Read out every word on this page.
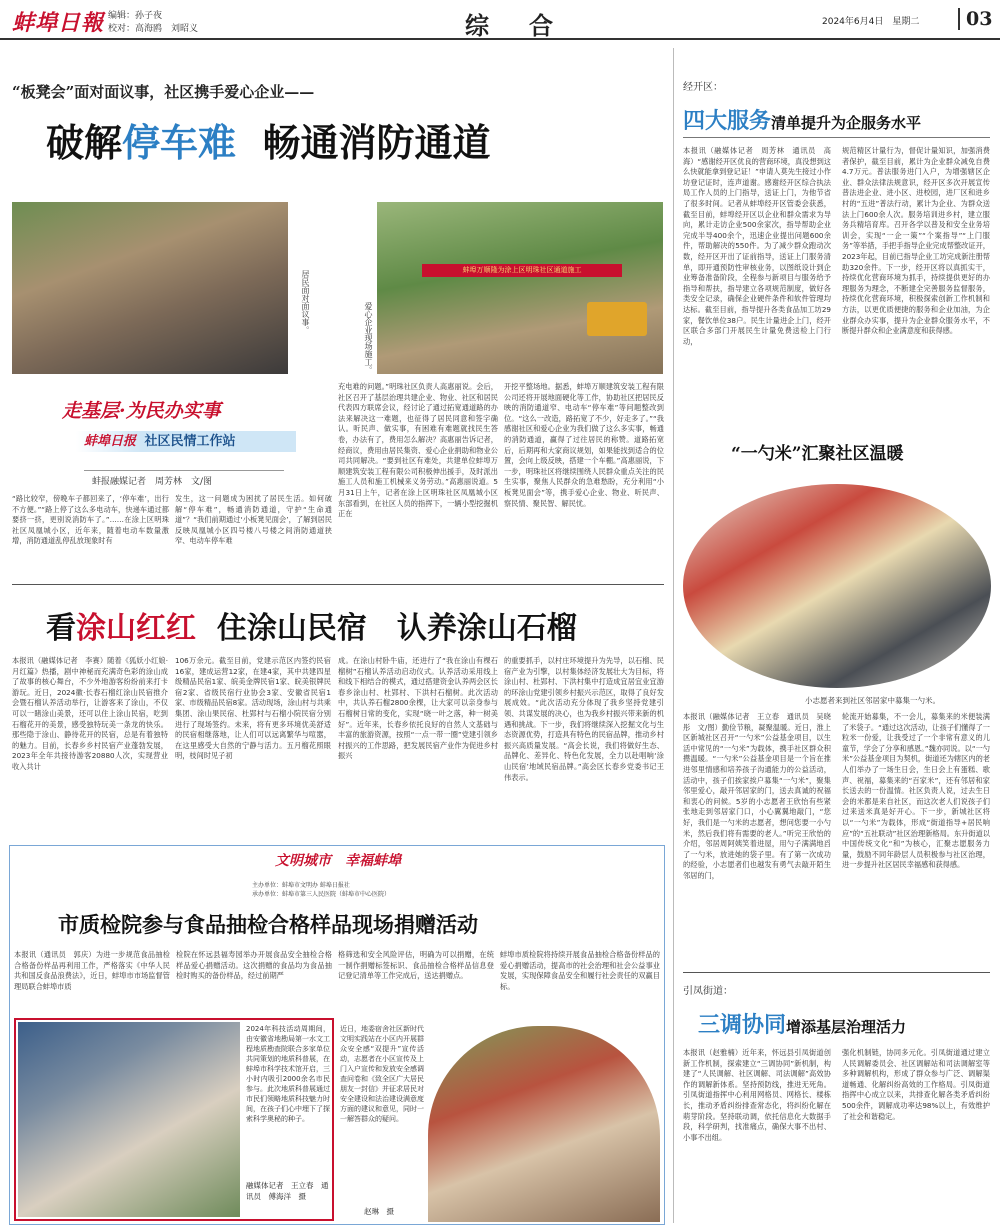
蚌埠日報 编辑：孙子夜
校对：高海鸥　刘昭义	综　合	2024年6月4日　星期二	03
“板凳会”面对面议事，社区携手爱心企业——
破解停车难 畅通消防通道
居民面对面议事。	爱心企业现场施工。
蚌埠万顺隆为涂上区明珠社区通道施工
走基层·为民办实事
蚌埠日报 社区民情工作站
蚌报融媒记者　周芳林　文/图
“路比较窄，傍晚车子都回来了，‘停车难’，出行不方便。”“路上停了这么多电动车，快递车通过都要挤一挤，更别说消防车了。”……在涂上区明珠社区凤凰城小区，近年来，随着电动车数量激增，消防通道乱停乱放现象时有
发生，这一问题成为困扰了居民生活。如何破解“停车难”，畅通消防通道，守护“生命通道”？“我们前期通过‘小板凳见面会’，了解到居民反映凤凰城小区四号楼八号楼之间消防通道狭窄、电动车停车难
充电难的问题。”明珠社区负责人高惠丽说。会后，社区召开了基层治理共建企业、物业、社区和居民代表四方联席会议，经讨论了通过拓宽通道路的办法来解决这一难题，也征得了居民同意和签字确认。听民声、做实事，有困难有难题就找民生答卷，办法有了，费用怎么解决？高惠丽告诉记者，经商议，费用由居民集资、爱心企业捐助和物业公司共同解决。“要到社区有难处，共建单位蚌埠万顺建筑安装工程有限公司积极伸出援手，及时派出施工人员和施工机械来义务劳动。”高惠丽说道。5月31日上午，记者在涂上区明珠社区凤凰城小区东部看到，在社区人员的指挥下，一辆小型挖掘机正在
开挖平整场地。据悉，蚌埠万顺建筑安装工程有限公司还将开展地面硬化等工作，协助社区把居民反映的消防通道窄、电动车“停车难”等问题整改到位。“这么一改造，路拓宽了不少，好走多了。”“我感谢社区和爱心企业为我们做了这么多实事，畅通的消防通道，赢得了过往居民的称赞。道路拓宽后，后期再和大家商议规划，如果能找到适合的位置，会向上级反映，搭建一个车棚。”高惠丽说，下一步，明珠社区将继续围绕人民群众重点关注的民生实事，聚焦人民群众的急难愁盼，充分利用“小板凳见面会”等，携手爱心企业、物业、听民声、察民情、聚民智、解民忧。
看涂山红红 住涂山民宿　认养涂山石榴
本报讯（融媒体记者　李赛）随着《狐妖小红娘·月红篇》热播，剧中神秘而充满奇色彩的涂山成了故事的核心舞台，不少外地游客纷纷前来打卡游玩。近日，2024徽·长春石榴红涂山民宿推介会暨石榴认养活动举行，让游客来了涂山，不仅可以一睹涂山美景，还可以住上涂山民宿，吃到石榴花开的美景，感受独特玩美一条龙的快乐。那些隐于涂山、静待花开的民宿，总是有着独特的魅力。目前，长春乡乡村民宿产业蓬勃发展，2023年全年共接待游客20880人次，实现营业收入共计
106万余元。截至目前，党建示范区内签约民宿16家，建成运营12家，在建4家，其中共建四星级精品民宿1家、皖美金牌民宿1家、皖美银牌民宿2家、省级民宿行业协会3家、安徽省民宿1家、市级精品民宿8家。活动现场，涂山村与共乘集团、涂山果民宿、杜郢村与石榴小院民宿分别进行了现场签约。未来，将有更多环境优美舒适的民宿相继落地，让人们可以远离繁华与喧嚣，在这里感受大自然的宁静与活力。五月榴花照眼明，枝间时见子初
成。在涂山村卧牛庙，还进行了“我在涂山有棵石榴树”石榴认养活动启动仪式。认养活动采用线上和线下相结合的模式，通过搭建资金认养两会区长春乡涂山村、杜郢村、下洪村石榴树。此次活动中，共认养石榴2800余棵，让大家可以亲身参与石榴树日常的变化，实现“晓一叶之落，种一树美好”。近年来，长春乡依托良好的自然人文基础与丰富的旅游资源，按照“一点一带一圈”党建引领乡村振兴的工作思路，把发展民宿产业作为促进乡村振兴
的重要抓手，以村庄环境提升为先导，以石榴、民宿产业为引擎，以村集体经济发展壮大为目标，将涂山村、杜郢村、下洪村集中打造成宜居宜业宜游的环涂山党建引领乡村振兴示范区，取得了良好发展成效。“此次活动充分体现了我乡坚持党建引领、共谋发展的决心，也为我乡村振兴带来新的机遇和挑战。下一步，我们将继续深入挖掘文化与生态资源优势，打造具有特色的民宿品牌，推动乡村振兴高质量发展。“高会长说，我们将做好生态、品牌化、差异化、特色化发展，全力以赴唱响‘涂山民宿’地域民宿品牌。”高会区长春乡党委书记王伟表示。
文明城市　幸福蚌埠
主办单位：蚌埠市文明办 蚌埠日报社
承办单位：蚌埠市第三人民医院（蚌埠市中心医院）
市质检院参与食品抽检合格样品现场捐赠活动
本报讯（通讯员　郭庆）为进一步规范食品抽检合格备份样品再利用工作，严格落实《中华人民共和国反食品浪费法》，近日，蚌埠市市场监督管理局联合蚌埠市质
检院在怀远县福寿园举办开展食品安全抽检合格样品爱心捐赠活动。这次捐赠的食品均为食品抽检时购买的备份样品，经过前期严
格筛选和安全风险评估，明确为可以捐赠，在统一制作捐赠标签标识、食品抽检合格样品信息登记登记清单等工作完成后，送达捐赠点。
蚌埠市质检院将持续开展食品抽检合格备份样品的爱心捐赠活动，提高市的社会治理和社会公益事业发展，实现保障食品安全和履行社会责任的双赢目标。
2024年科技活动周期间，由安徽省地勘局第一水文工程地质勘查院联合多家单位共同策划的地质科普展，在蚌埠市科学技术馆开启，三小时内吸引2000余名市民参与。此次地质科普展通过市民们领略地质科技魅力时间，在孩子们心中埋下了探索科学奥秘的种子。
融媒体记者　王立春　通讯员　傅海洋　摄
近日，地委宿舍社区新时代文明实践站在小区内开展群众安全感“双提升”宣传活动，志愿者在小区宣传及上门入户宣传和发放安全感调查问卷和《致全区广大居民朋友一封信》并征求居民对安全建设和法治建设满意度方面的建议和意见，同时一一解答群众的疑问。
赵琳　摄
经开区：
四大服务清单提升为企服务水平
本报讯（融媒体记者　周芳林　通讯员　高海）“感谢经开区优良的营商环境，真没想到这么快就能拿到登记证！”申请人莫先生接过小作坊登记证时，连声道谢。感谢经开区综合执法局工作人员的上门指导，送证上门，为他节省了很多时间。记者从蚌埠经开区管委会获悉，截至目前，蚌埠经开区以企业和群众需求为导向，累计走访企业500余家次，指导帮助企业完成半导400余个，迅速企业提出问题600余件，帮助解决的550件。为了减少群众跑动次数，经开区开出了证前指导，送证上门服务清单，即开通预防性审核业务，以图纸设计到企业筹备准备阶段，全程参与新项目与服务给予指导和帮扶，指导建立各项规范制度，做好各类安全记录，确保企业硬件条件和软件管理均达标。截至目前，指导提升各类食品加工坊29家，餐饮单位38户。民生计量进企上门，经开区联合多部门开展民生计量免费送检上门行动，
规范精区计量行为，督促计量知识，加强消费者保护，截至目前，累计为企业群众减免自费4.7万元。普法服务进门入户，为增强辖区企业、群众法律法规意识，经开区多次开展宣传普法进企业、进小区、进校园，进厂区和进乡村的“五进”普法行动，累计为企业、为群众送法上门600余人次。服务培训进乡村，建立服务兵精培育库。召开各学以普及和安全业务培训会，实现“一企一策”“个案指导”“上门服务”等举措，手把手指导企业完成帮整改证开，2023年起，目前已指导企业工坊完成新注册帮助320余件。下一步，经开区将以真抓实干，持续优化营商环境为抓手，持续提供更好的办理服务为理念，不断建全完善服务监督服务，持续优化营商环境，积极探索创新工作机制和方法，以更优质便捷的服务和企业加油，为企业群众办实事，提升为企业群众服务水平，不断提升群众和企业满意度和获得感。
“一勺米”汇聚社区温暖
小志愿者来到社区邻居家中募集一勺米。
本报讯（融媒体记者　王立春　通讯员　吴晓彤　文/图）勤俭节粮，凝聚温暖。近日，淮上区新城社区召开“一勺米”公益基金项目，以生活中常见的“一勺米”为载体，携手社区群众积攒温暖。“一勺米”公益基金项目是一个旨在推进邻里情感和培养孩子沟通能力的公益活动，活动中，孩子们挨家挨户募集“一勺米”，聚集邻里爱心，敲开邻居家的门，送去真诚的祝福和衷心的问候。5岁的小志愿者王欣怡有些紧张地走到邻居家门口，小心翼翼地敲门，“您好，我们是一勺米的志愿者，想问您要一小勺米，然后我们将有需要的老人。”听完王欣怡的介绍，邻居周阿姨笑着进屋，用勺子满满地舀了一勺米，放进她的袋子里。有了第一次成功的经验，小志愿者们也越发有勇气去敲开陌生邻居的门，
轮流开始募集，不一会儿，募集来的米便装满了米袋子。“通过这次活动，让孩子们懂得了一粒米一份爱，让我受过了一个非常有意义的儿童节，学会了分享和感恩。”魏亦同说。以“一勺米”公益基金项目为契机，街道还为辖区内的老人们举办了一场生日会，生日会上有蛋糕、歌声、祝福，募集来的“百家米”，还有邻居和家长送去的一份温情。社区负责人说，过去生日会的米都是来自社区，而这次老人们说孩子们过来送米真是好开心。下一步，新城社区将以“一勺米”为载体，形成“街道指导+居民响应”的“五社联动”社区治理新格局。东升街道以中国传统文化“和”为核心，汇聚志愿服务力量，鼓励不同年龄层人员积极参与社区治理，进一步提升社区居民幸福感和获得感。
引凤街道：
三调协同增添基层治理活力
本报讯（赵雅楠）近年来，怀远县引凤街道创新工作机制，探索建立“三调协同”新机制，构建了“人民调解、社区调解、司法调解”高效协作的调解新体系。坚持预防线，推进无死角。引凤街道指挥中心利用网格员、网格长、楼栋长，推动矛盾纠纷排查常态化，将纠纷化解在萌芽阶段。坚持联动调，依托信息化大数据手段，科学研判，找准痛点，确保大事不出村、小事不出组。
强化机制链，协同多元化。引凤街道通过建立人民调解委员会、社区调解站和司法调解室等多种调解机构，形成了群众参与广泛、调解渠道畅通、化解纠纷高效的工作格局。引凤街道指挥中心成立以来，共排查化解各类矛盾纠纷500余件，调解成功率达98%以上，有效维护了社会和谐稳定。
